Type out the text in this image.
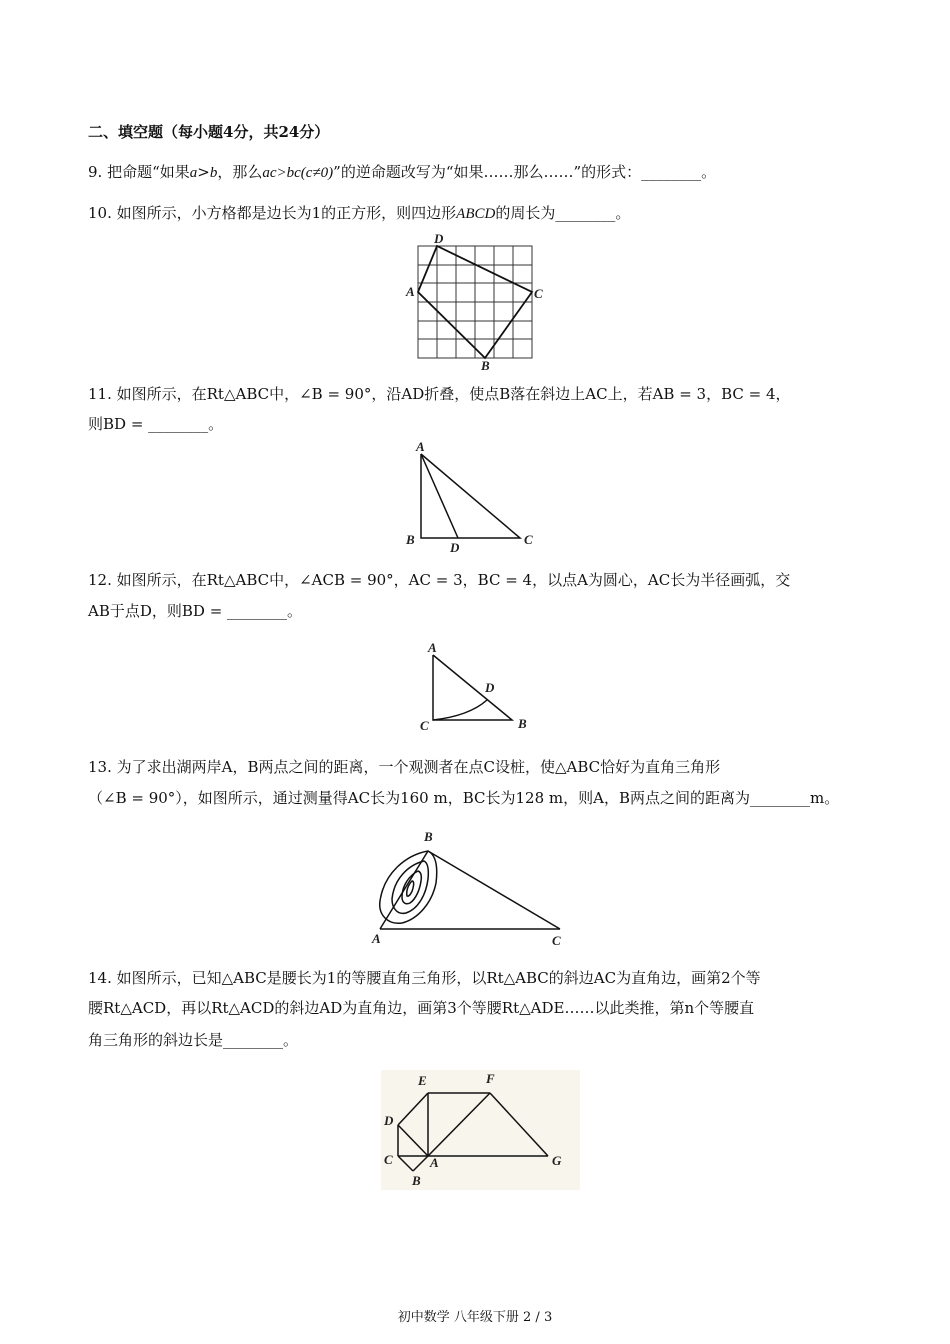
二、填空题（每小题4分，共24分）
9. 把命题“如果a>b，那么ac>bc(c≠0)”的逆命题改写为“如果……那么……”的形式：________。
10. 如图所示，小方格都是边长为1的正方形，则四边形ABCD的周长为________。
A
B
C
D
11. 如图所示，在Rt△ABC中，∠B = 90°，沿AD折叠，使点B落在斜边上AC上，若AB = 3，BC = 4，
则BD = ________。
A
B	C
D
12. 如图所示，在Rt△ABC中，∠ACB = 90°，AC = 3，BC = 4，以点A为圆心，AC长为半径画弧，交
AB于点D，则BD = ________。
A
B
C
D
13. 为了求出湖两岸A，B两点之间的距离，一个观测者在点C设桩，使△ABC恰好为直角三角形
（∠B = 90°），如图所示，通过测量得AC长为160 m，BC长为128 m，则A，B两点之间的距离为________m。
B
A	C
14. 如图所示，已知△ABC是腰长为1的等腰直角三角形，以Rt△ABC的斜边AC为直角边，画第2个等
腰Rt△ACD，再以Rt△ACD的斜边AD为直角边，画第3个等腰Rt△ADE……以此类推，第n个等腰直
角三角形的斜边长是________。
E	F
D
C	A	G
B
初中数学 八年级下册 2 / 3
